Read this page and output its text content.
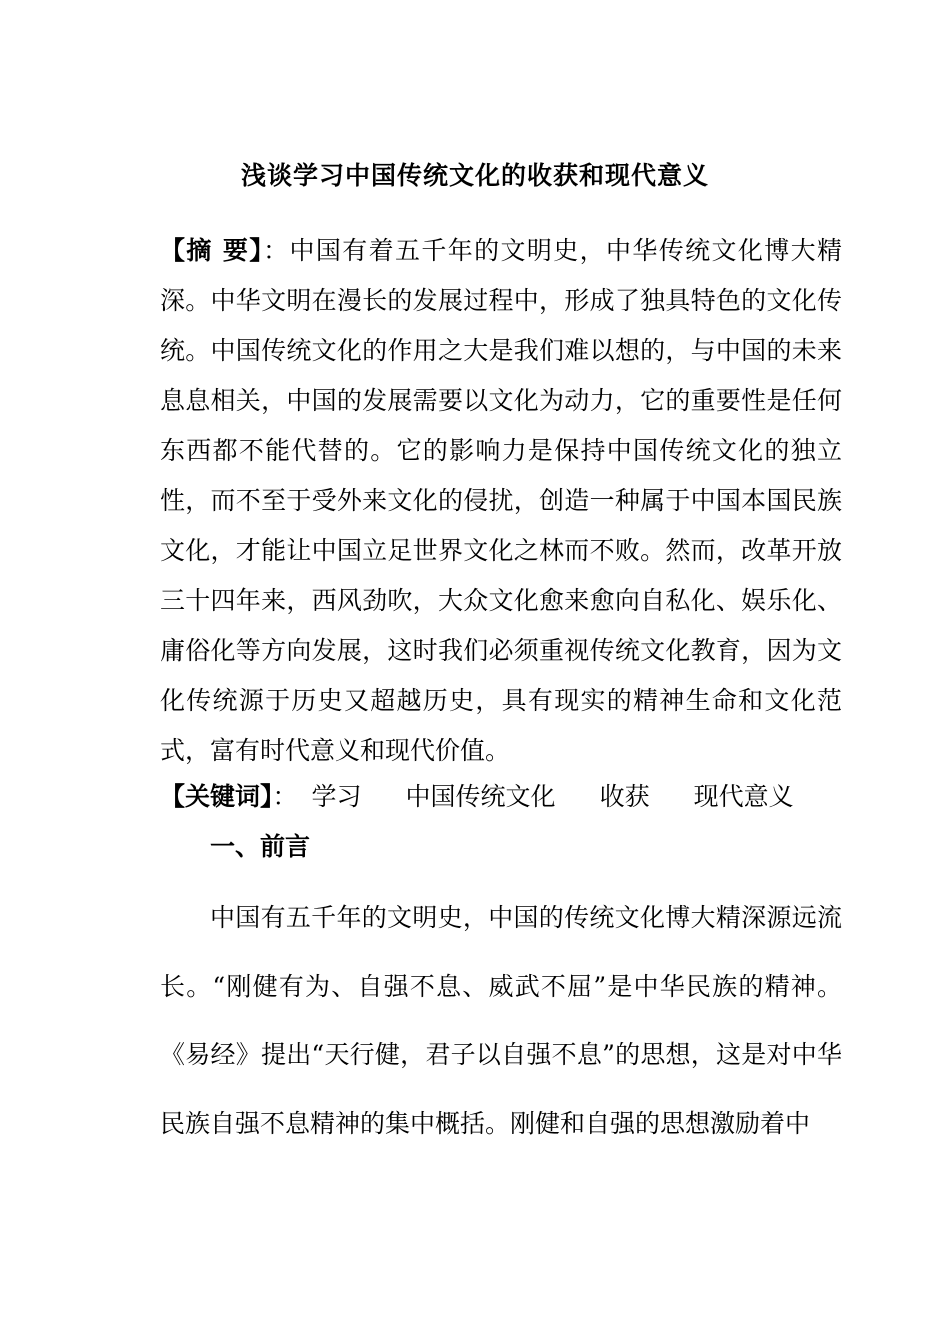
浅谈学习中国传统文化的收获和现代意义
【摘 要】：中国有着五千年的文明史，中华传统文化博大精深。中华文明在漫长的发展过程中，形成了独具特色的文化传统。中国传统文化的作用之大是我们难以想的，与中国的未来息息相关，中国的发展需要以文化为动力，它的重要性是任何东西都不能代替的。它的影响力是保持中国传统文化的独立性，而不至于受外来文化的侵扰，创造一种属于中国本国民族文化，才能让中国立足世界文化之林而不败。然而，改革开放三十四年来，西风劲吹，大众文化愈来愈向自私化、娱乐化、庸俗化等方向发展，这时我们必须重视传统文化教育，因为文化传统源于历史又超越历史，具有现实的精神生命和文化范式，富有时代意义和现代价值。
【关键词】： 学习 中国传统文化 收获 现代意义
一、前言
中国有五千年的文明史，中国的传统文化博大精深源远流长。“刚健有为、自强不息、威武不屈”是中华民族的精神。《易经》提出“天行健，君子以自强不息”的思想，这是对中华民族自强不息精神的集中概括。刚健和自强的思想激励着中
